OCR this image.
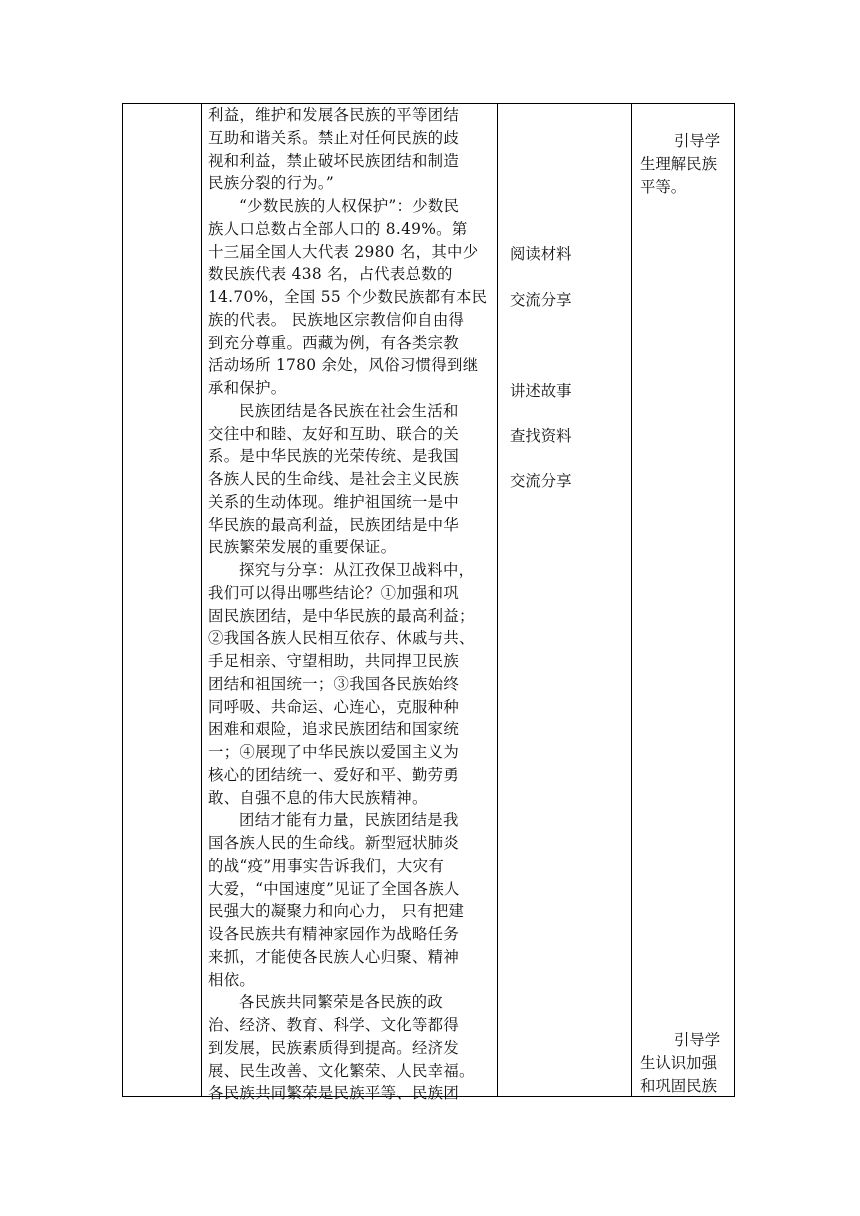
利益，维护和发展各民族的平等团结

互助和谐关系。禁止对任何民族的歧

视和利益，禁止破坏民族团结和制造

民族分裂的行为。”

“少数民族的人权保护”：少数民

族人口总数占全部人口的 8.49%。第

十三届全国人大代表 2980 名，其中少

数民族代表 438 名，占代表总数的

14.70%，全国 55 个少数民族都有本民

族的代表。 民族地区宗教信仰自由得

到充分尊重。西藏为例，有各类宗教

活动场所 1780 余处，风俗习惯得到继

承和保护。

民族团结是各民族在社会生活和

交往中和睦、友好和互助、联合的关

系。是中华民族的光荣传统、是我国

各族人民的生命线、是社会主义民族

关系的生动体现。维护祖国统一是中

华民族的最高利益，民族团结是中华

民族繁荣发展的重要保证。

探究与分享：从江孜保卫战料中，

我们可以得出哪些结论？①加强和巩

固民族团结，是中华民族的最高利益；

②我国各族人民相互依存、休戚与共、

手足相亲、守望相助，共同捍卫民族

团结和祖国统一；③我国各民族始终

同呼吸、共命运、心连心，克服种种

困难和艰险，追求民族团结和国家统

一；④展现了中华民族以爱国主义为

核心的团结统一、爱好和平、勤劳勇

敢、自强不息的伟大民族精神。

团结才能有力量，民族团结是我

国各族人民的生命线。新型冠状肺炎

的战“疫”用事实告诉我们，大灾有

大爱，“中国速度”见证了全国各族人

民强大的凝聚力和向心力， 只有把建

设各民族共有精神家园作为战略任务

来抓，才能使各民族人心归聚、精神

相依。

各民族共同繁荣是各民族的政

治、经济、教育、科学、文化等都得

到发展，民族素质得到提高。经济发

展、民生改善、文化繁荣、人民幸福。

各民族共同繁荣是民族平等、民族团

阅读材料
交流分享
讲述故事
查找资料
交流分享

引导学

生理解民族

平等。

引导学

生认识加强

和巩固民族
